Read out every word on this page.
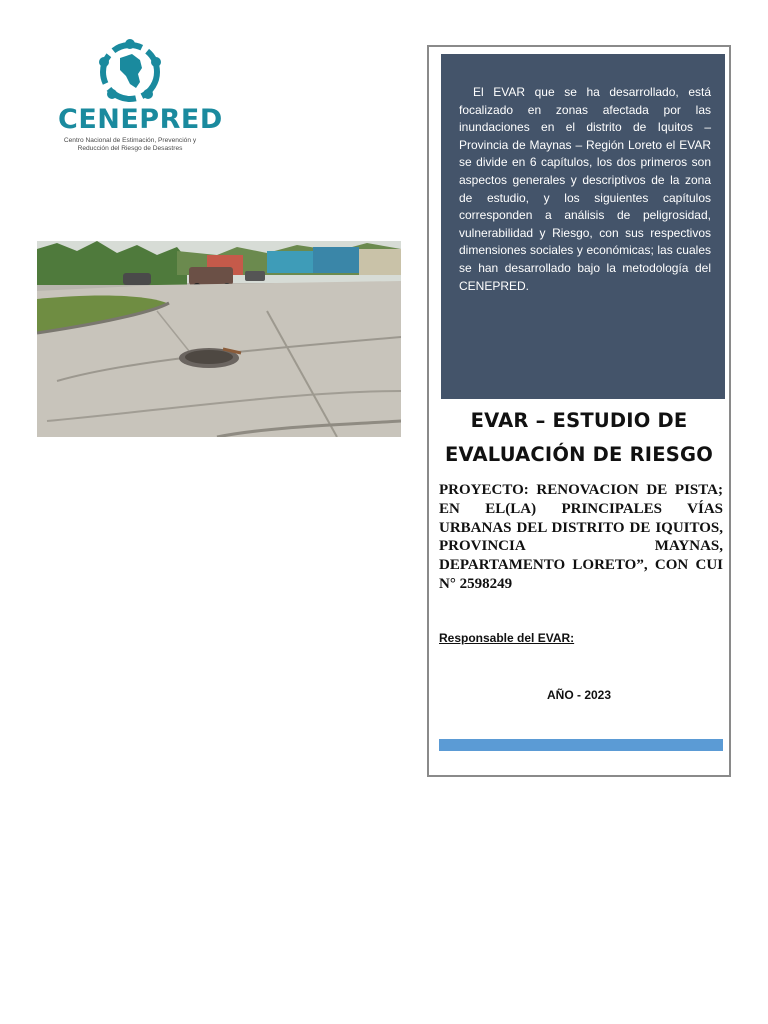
CENEPRED
Centro Nacional de Estimación, Prevención y Reducción del Riesgo de Desastres

El EVAR que se ha desarrollado, está focalizado en zonas afectada por las inundaciones en el distrito de Iquitos – Provincia de Maynas – Región Loreto el EVAR se divide en 6 capítulos, los dos primeros son aspectos generales y descriptivos de la zona de estudio, y los siguientes capítulos corresponden a análisis de peligrosidad, vulnerabilidad y Riesgo, con sus respectivos dimensiones sociales y económicas; las cuales se han desarrollado bajo la metodología del CENEPRED.

EVAR – ESTUDIO DE EVALUACIÓN DE RIESGO

PROYECTO: RENOVACION DE PISTA; EN EL(LA) PRINCIPALES VÍAS URBANAS DEL DISTRITO DE IQUITOS, PROVINCIA MAYNAS, DEPARTAMENTO LORETO”, CON CUI N° 2598249

Responsable del EVAR:
AÑO - 2023
